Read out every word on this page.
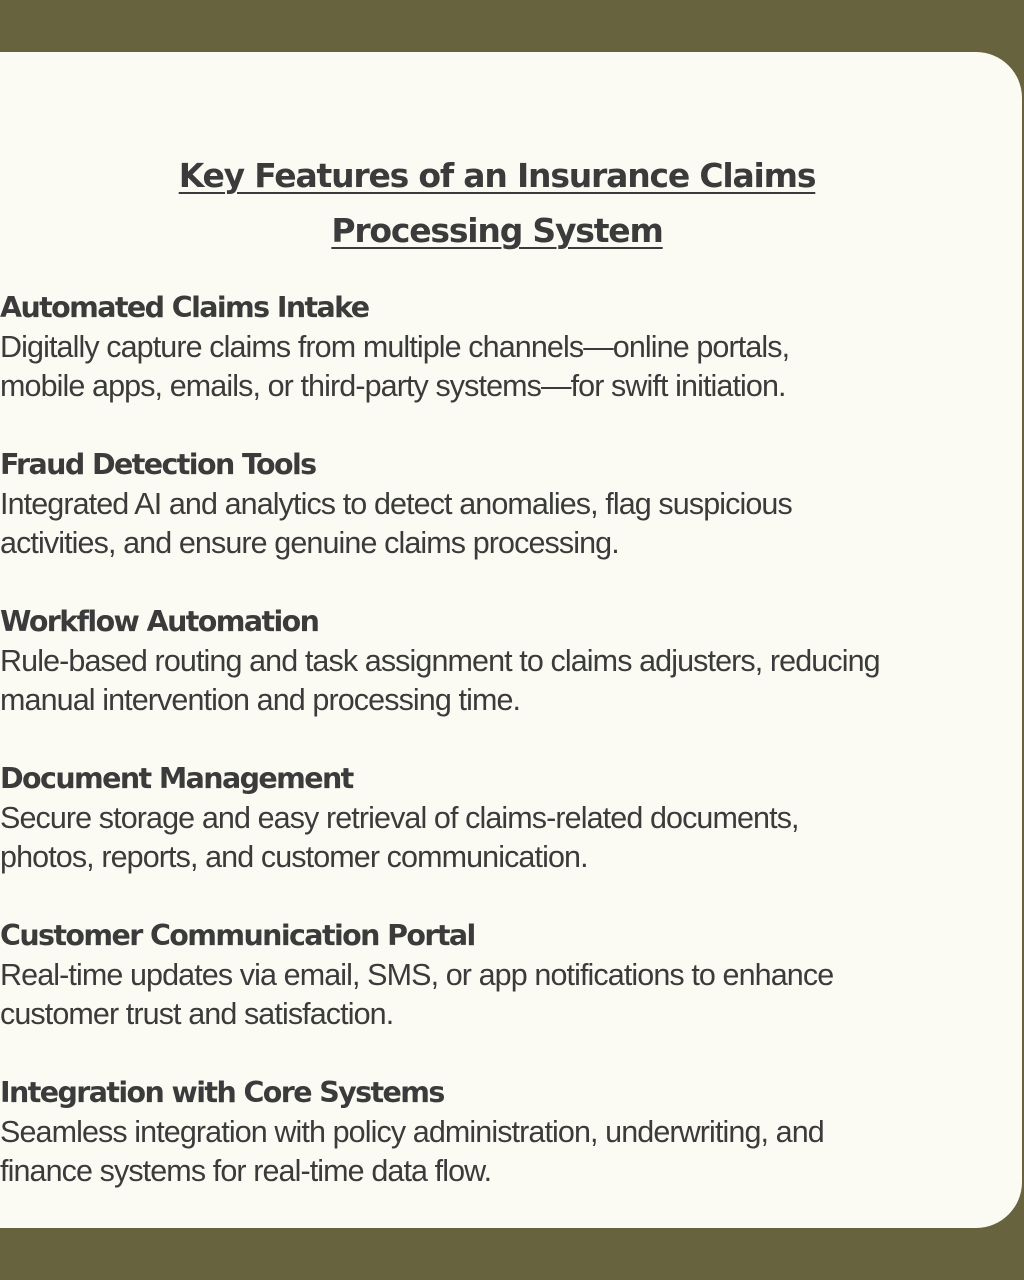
Key Features of an Insurance Claims
Processing System
Automated Claims Intake
Digitally capture claims from multiple channels—online portals,
mobile apps, emails, or third-party systems—for swift initiation.
Fraud Detection Tools
Integrated AI and analytics to detect anomalies, flag suspicious
activities, and ensure genuine claims processing.
Workflow Automation
Rule-based routing and task assignment to claims adjusters, reducing
manual intervention and processing time.
Document Management
Secure storage and easy retrieval of claims-related documents,
photos, reports, and customer communication.
Customer Communication Portal
Real-time updates via email, SMS, or app notifications to enhance
customer trust and satisfaction.
Integration with Core Systems
Seamless integration with policy administration, underwriting, and
finance systems for real-time data flow.
